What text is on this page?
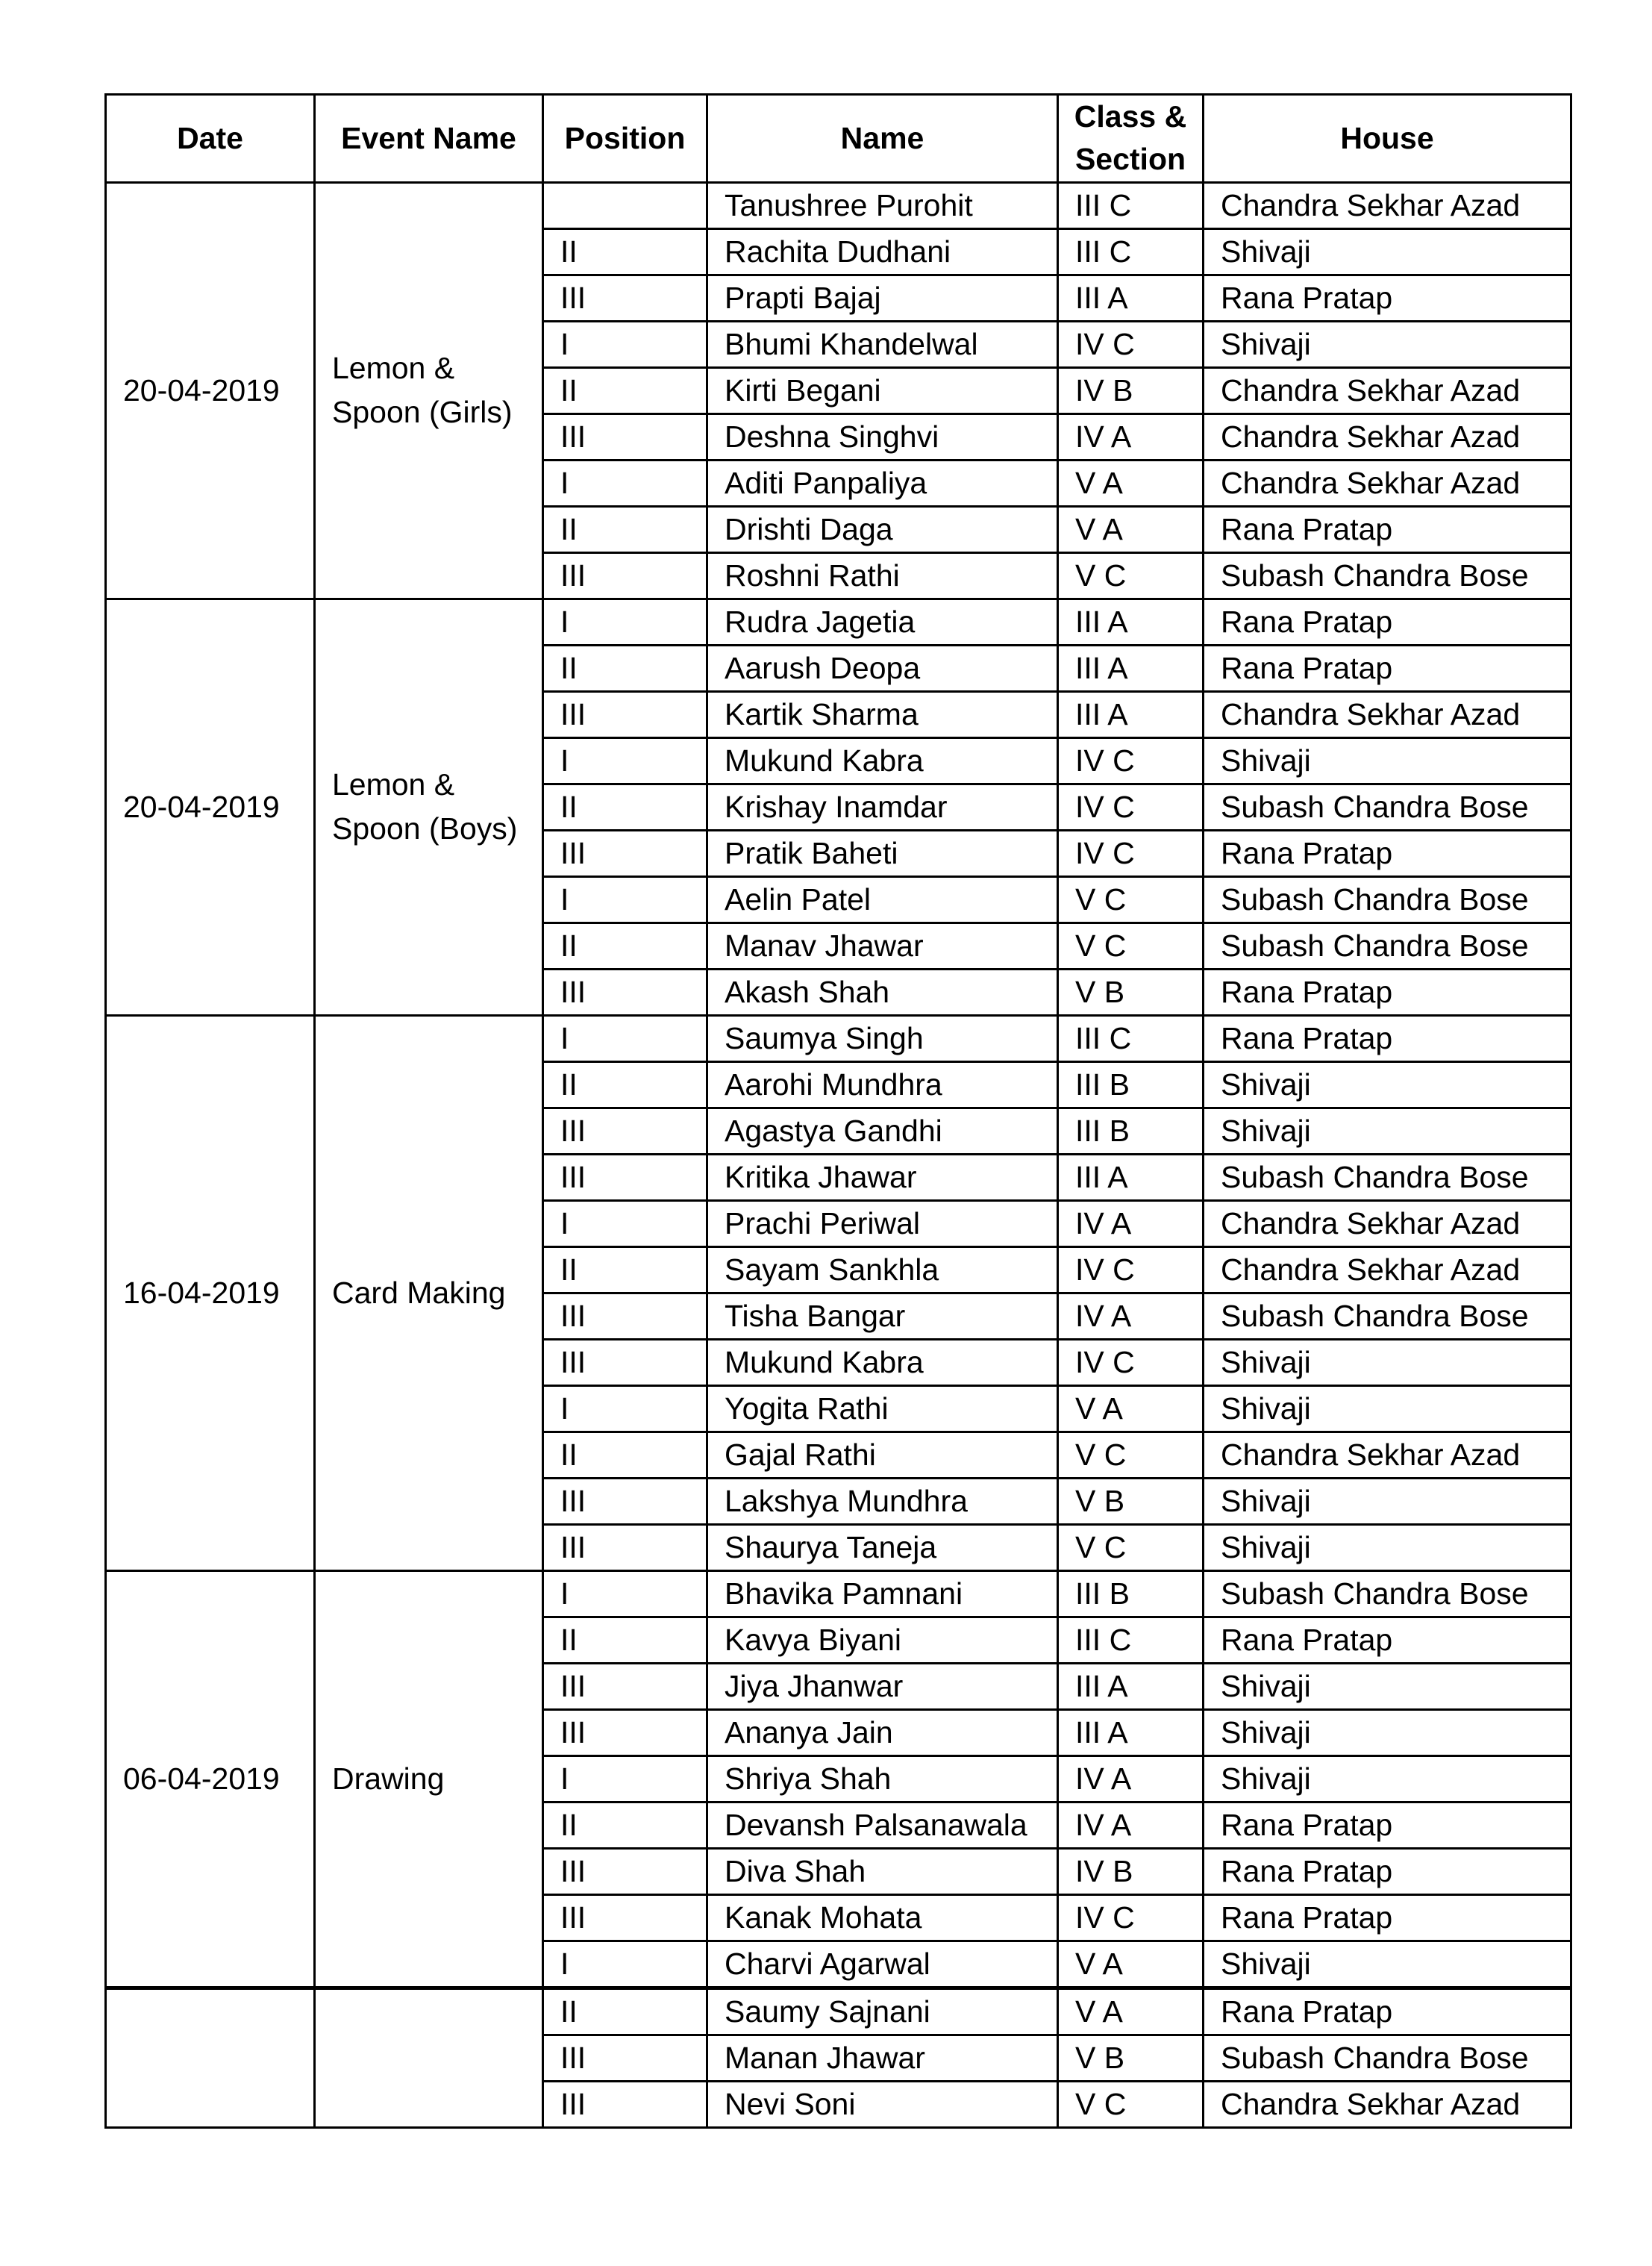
Date	Event Name	Position	Name	Class & Section	House
20-04-2019	Lemon & Spoon (Girls)		Tanushree Purohit	III C	Chandra Sekhar Azad
		II	Rachita Dudhani	III C	Shivaji
		III	Prapti Bajaj	III A	Rana Pratap
		I	Bhumi Khandelwal	IV C	Shivaji
		II	Kirti Begani	IV B	Chandra Sekhar Azad
		III	Deshna Singhvi	IV A	Chandra Sekhar Azad
		I	Aditi Panpaliya	V A	Chandra Sekhar Azad
		II	Drishti Daga	V A	Rana Pratap
		III	Roshni Rathi	V C	Subash Chandra Bose
20-04-2019	Lemon & Spoon (Boys)	I	Rudra Jagetia	III A	Rana Pratap
		II	Aarush Deopa	III A	Rana Pratap
		III	Kartik Sharma	III A	Chandra Sekhar Azad
		I	Mukund Kabra	IV C	Shivaji
		II	Krishay Inamdar	IV C	Subash Chandra Bose
		III	Pratik Baheti	IV C	Rana Pratap
		I	Aelin Patel	V C	Subash Chandra Bose
		II	Manav Jhawar	V C	Subash Chandra Bose
		III	Akash Shah	V B	Rana Pratap
16-04-2019	Card Making	I	Saumya Singh	III C	Rana Pratap
		II	Aarohi Mundhra	III B	Shivaji
		III	Agastya Gandhi	III B	Shivaji
		III	Kritika Jhawar	III A	Subash Chandra Bose
		I	Prachi Periwal	IV A	Chandra Sekhar Azad
		II	Sayam Sankhla	IV C	Chandra Sekhar Azad
		III	Tisha Bangar	IV A	Subash Chandra Bose
		III	Mukund Kabra	IV C	Shivaji
		I	Yogita Rathi	V A	Shivaji
		II	Gajal Rathi	V C	Chandra Sekhar Azad
		III	Lakshya Mundhra	V B	Shivaji
		III	Shaurya Taneja	V C	Shivaji
06-04-2019	Drawing	I	Bhavika Pamnani	III B	Subash Chandra Bose
		II	Kavya Biyani	III C	Rana Pratap
		III	Jiya Jhanwar	III A	Shivaji
		III	Ananya Jain	III A	Shivaji
		I	Shriya Shah	IV A	Shivaji
		II	Devansh Palsanawala	IV A	Rana Pratap
		III	Diva Shah	IV B	Rana Pratap
		III	Kanak Mohata	IV C	Rana Pratap
		I	Charvi Agarwal	V A	Shivaji
		II	Saumy Sajnani	V A	Rana Pratap
		III	Manan Jhawar	V B	Subash Chandra Bose
		III	Nevi Soni	V C	Chandra Sekhar Azad
